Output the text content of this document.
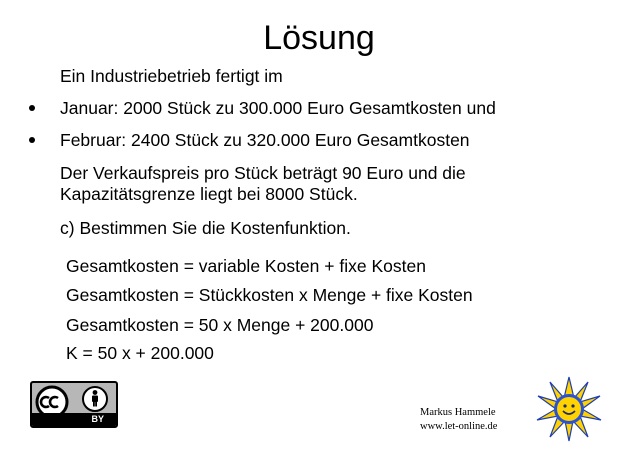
Lösung
Ein Industriebetrieb fertigt im
Januar: 2000 Stück zu 300.000 Euro Gesamtkosten und
Februar: 2400 Stück zu 320.000 Euro Gesamtkosten
Der Verkaufspreis pro Stück beträgt 90 Euro und die
Kapazitätsgrenze liegt bei 8000 Stück.
c) Bestimmen Sie die Kostenfunktion.
Gesamtkosten = variable Kosten + fixe Kosten
Gesamtkosten = Stückkosten x Menge + fixe Kosten
Gesamtkosten = 50 x Menge + 200.000
K = 50 x + 200.000
BY
Markus Hammele
www.let-online.de
